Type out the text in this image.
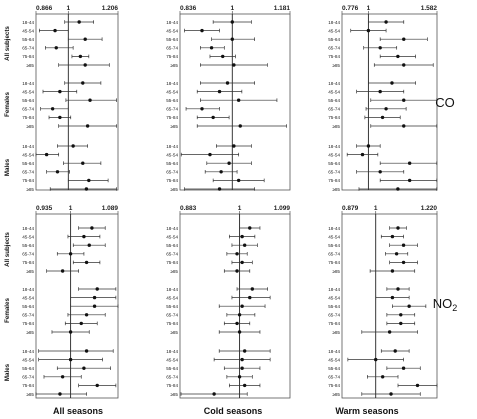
0.866 1	1.206
All subjects
18-44
45-54
55-64
65-74
75-84
≥85
Females
18-44
45-54
55-64
65-74
75-84
≥85
Males
18-44
45-54
55-64
65-74
75-84
≥85
0.836	1	1.181
18-44
45-54
55-64
65-74
75-84
≥85
18-44
45-54
55-64
65-74
75-84
≥85
18-44
45-54
55-64
65-74
75-84
≥85
0.776 1	1.582
18-44
45-54
55-64
65-74
75-84
≥85
18-44
45-54
55-64
65-74
75-84
≥85
18-44
45-54
55-64
65-74
75-84
≥85
0.935	1	1.089
All subjects
18-44
45-54
55-64
65-74
75-84
≥85
Females
18-44
45-54
55-64
65-74
75-84
≥85
Males
18-44
45-54
55-64
65-74
75-84
≥85
0.883	1	1.099
18-44
45-54
55-64
65-74
75-84
≥85
18-44
45-54
55-64
65-74
75-84
≥85
18-44
45-54
55-64
65-74
75-84
≥85
0.879 1	1.220
18-44
45-54
55-64
65-74
75-84
≥85
18-44
45-54
55-64
65-74
75-84
≥85
18-44
45-54
55-64
65-74
75-84
≥85
CO
$NO_2$
All seasons	Cold seasons	Warm seasons
